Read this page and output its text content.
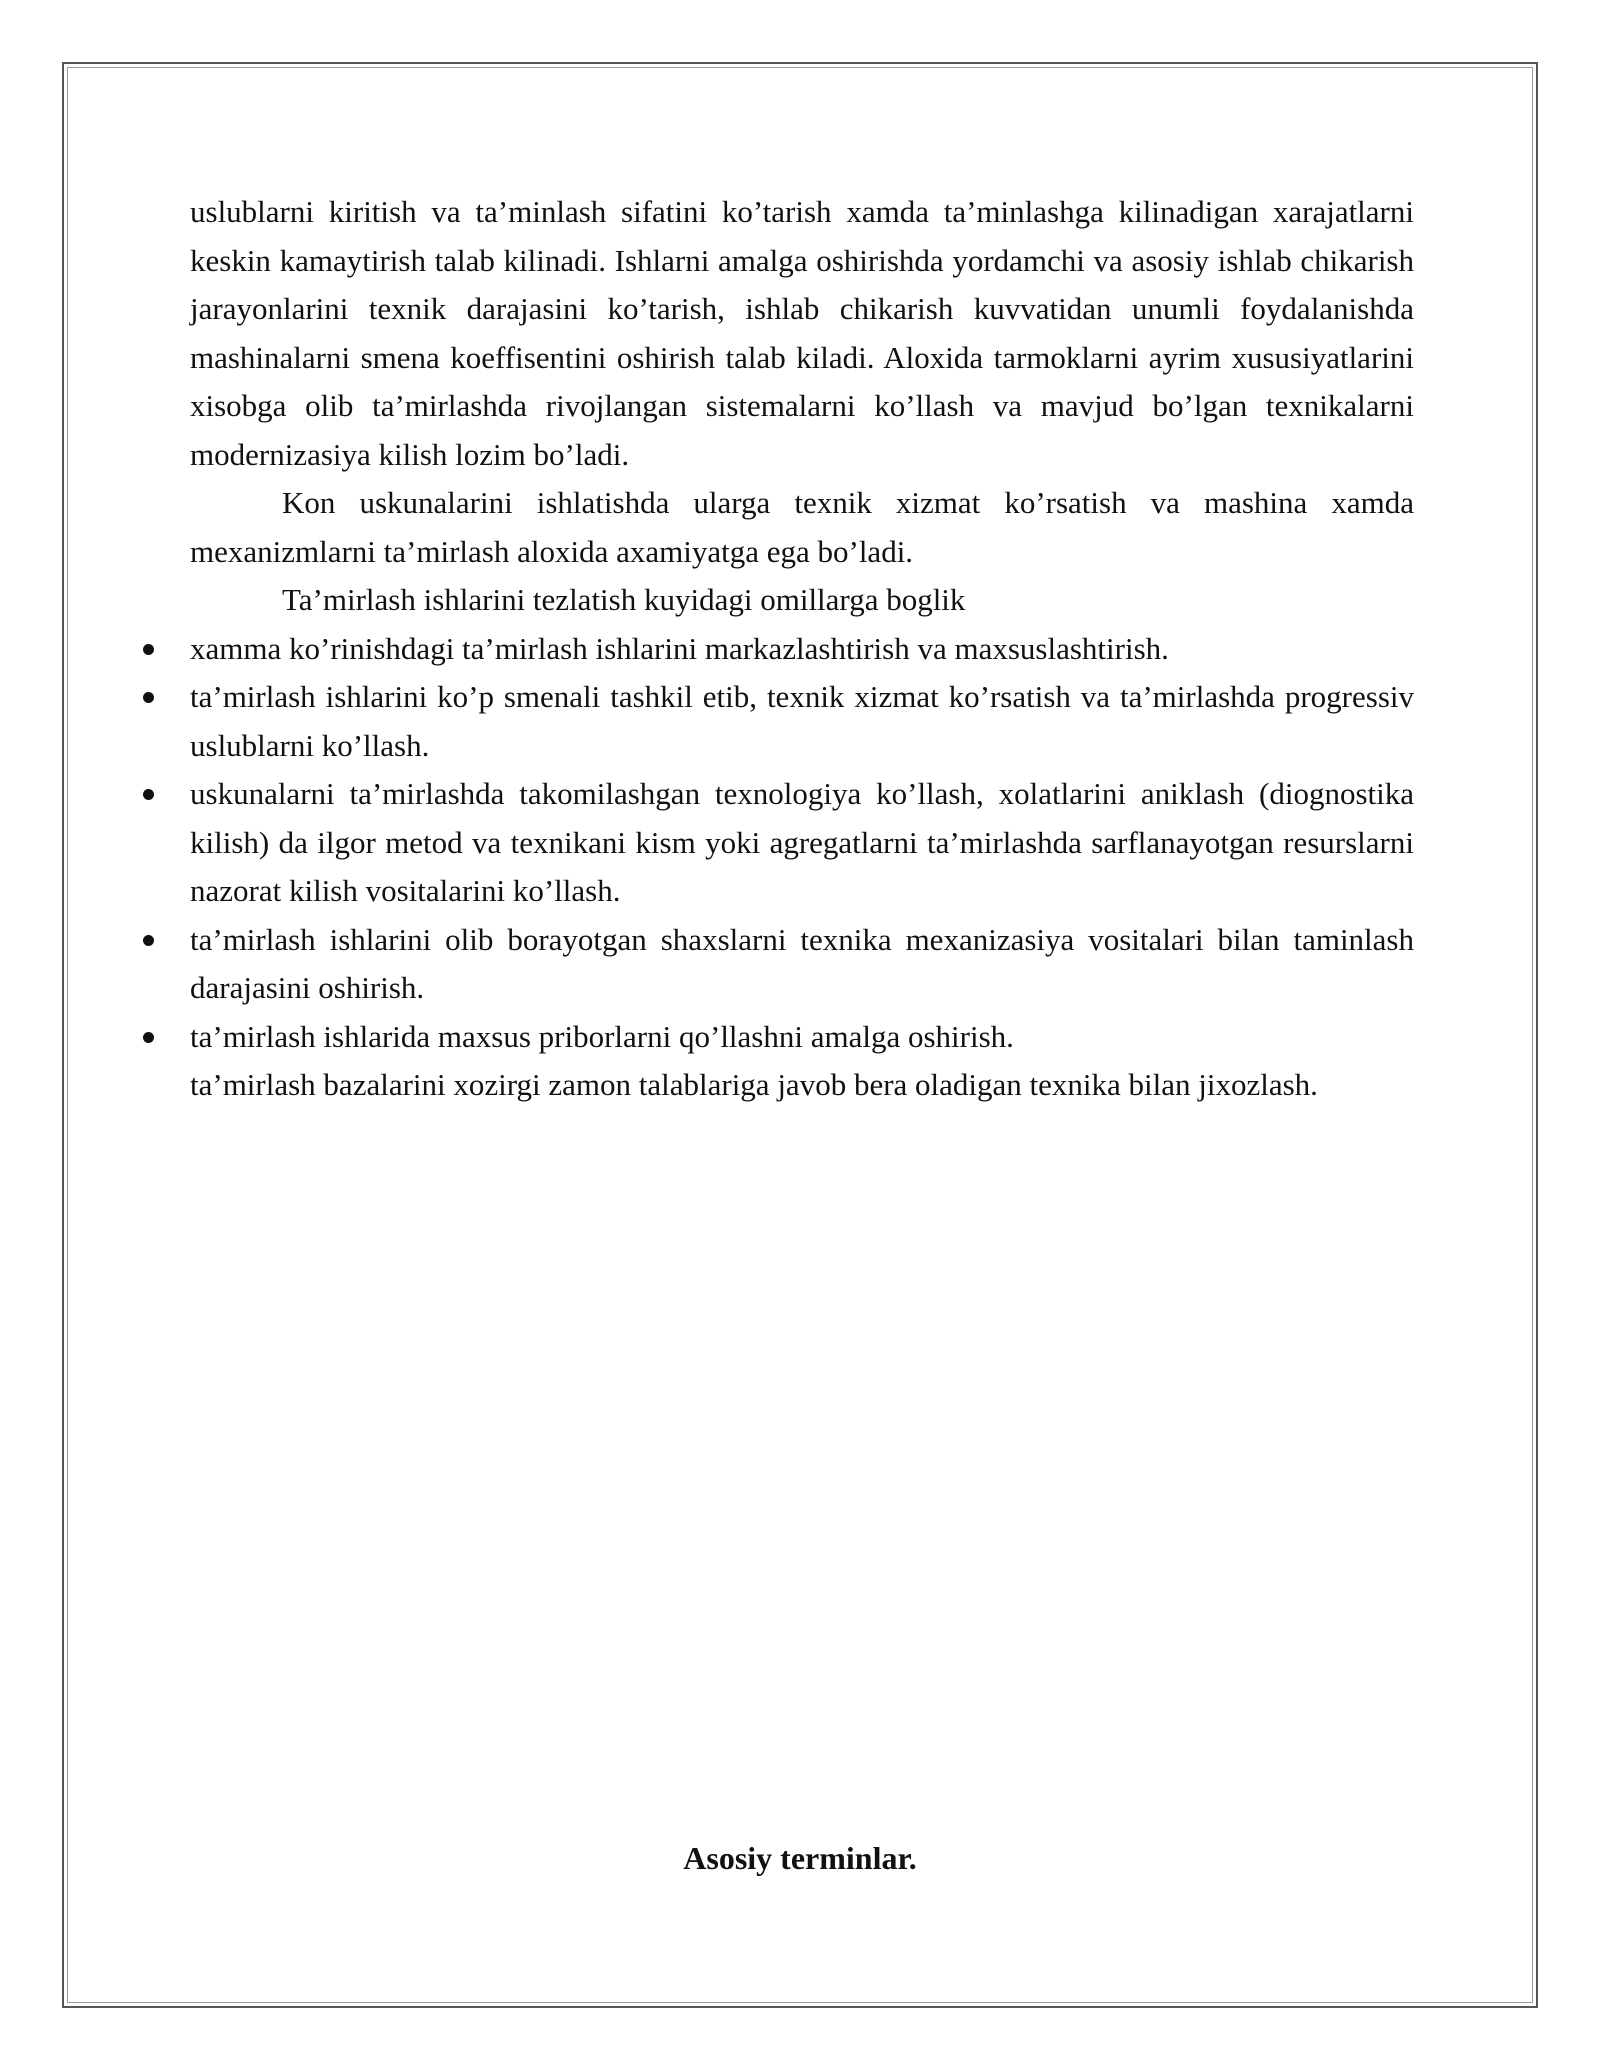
uslublarni kiritish va ta’minlash sifatini ko’tarish xamda ta’minlashga kilinadigan xarajatlarni keskin kamaytirish talab kilinadi. Ishlarni amalga oshirishda yordamchi va asosiy ishlab chikarish jarayonlarini texnik darajasini ko’tarish, ishlab chikarish kuvvatidan unumli foydalanishda mashinalarni smena koeffisentini oshirish talab kiladi. Aloxida tarmoklarni ayrim xususiyatlarini xisobga olib ta’mirlashda rivojlangan sistemalarni ko’llash va mavjud bo’lgan texnikalarni modernizasiya kilish lozim bo’ladi.

Kon uskunalarini ishlatishda ularga texnik xizmat ko’rsatish va mashina xamda mexanizmlarni ta’mirlash aloxida axamiyatga ega bo’ladi.

Ta’mirlash ishlarini tezlatish kuyidagi omillarga boglik

xamma ko’rinishdagi ta’mirlash ishlarini markazlashtirish va maxsuslashtirish.
ta’mirlash ishlarini ko’p smenali tashkil etib, texnik xizmat ko’rsatish va ta’mirlashda progressiv uslublarni ko’llash.
uskunalarni ta’mirlashda takomilashgan texnologiya ko’llash, xolatlarini aniklash (diognostika kilish) da ilgor metod va texnikani kism yoki agregatlarni ta’mirlashda sarflanayotgan resurslarni nazorat kilish vositalarini ko’llash.
ta’mirlash ishlarini olib borayotgan shaxslarni texnika mexanizasiya vositalari bilan taminlash darajasini oshirish.
ta’mirlash ishlarida maxsus priborlarni qo’llashni amalga oshirish.

ta’mirlash bazalarini xozirgi zamon talablariga javob bera oladigan texnika bilan jixozlash.

Asosiy terminlar.
